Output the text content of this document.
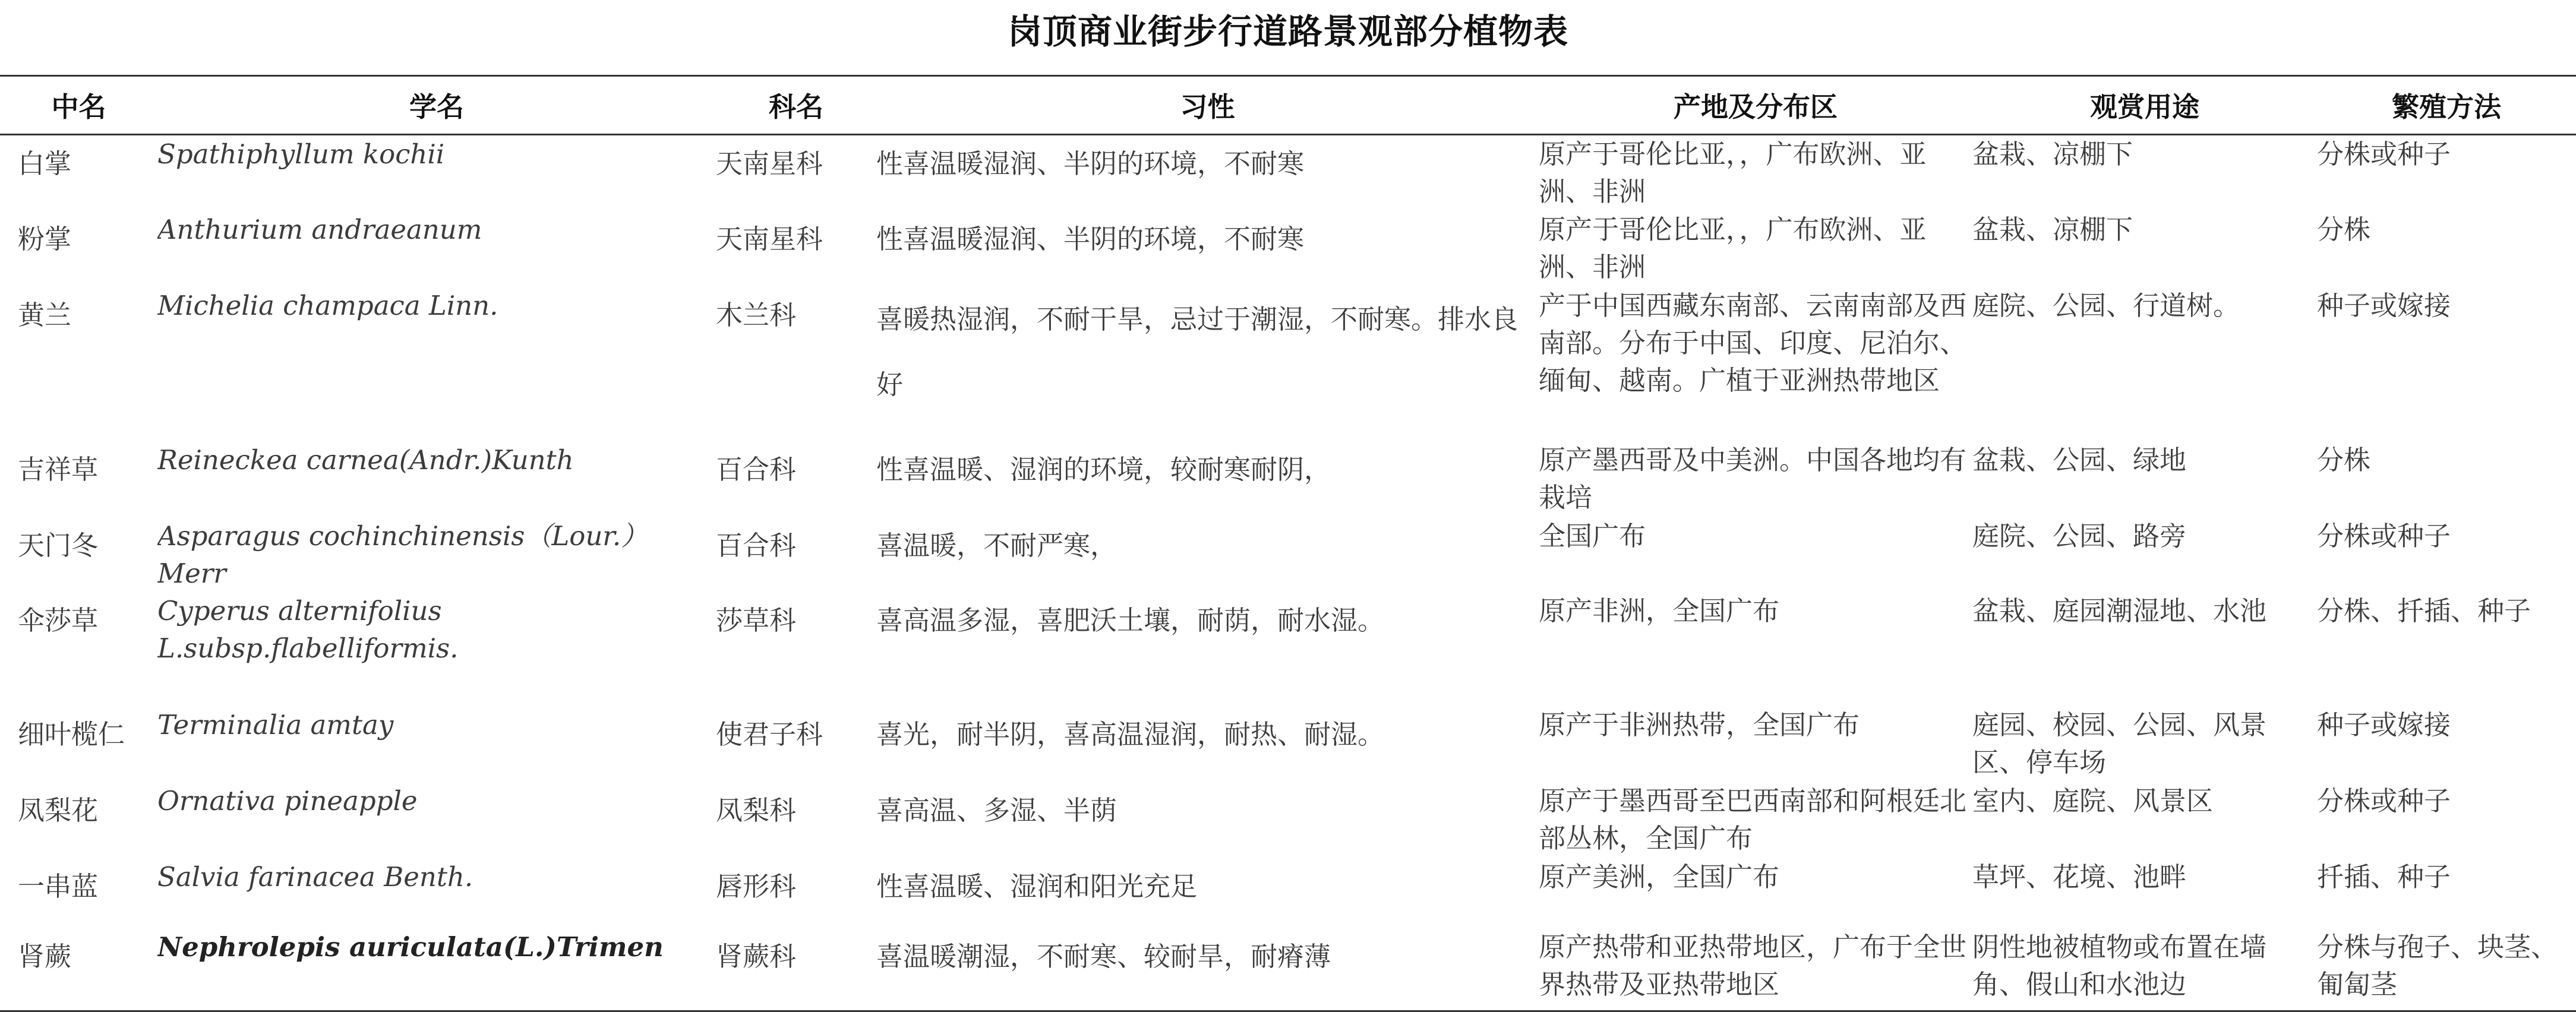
岗顶商业街步行道路景观部分植物表
中名	学名	科名	习性	产地及分布区	观赏用途	繁殖方法
白掌	Spathiphyllum kochii	天南星科	性喜温暖湿润、半阴的环境，不耐寒	原产于哥伦比亚，，广布欧洲、亚洲、非洲	盆栽、凉棚下	分株或种子
粉掌	Anthurium andraeanum	天南星科	性喜温暖湿润、半阴的环境，不耐寒	原产于哥伦比亚，，广布欧洲、亚洲、非洲	盆栽、凉棚下	分株
黄兰	Michelia champaca Linn.	木兰科	喜暖热湿润，不耐干旱，忌过于潮湿，不耐寒。排水良好	产于中国西藏东南部、云南南部及西南部。分布于中国、印度、尼泊尔、缅甸、越南。广植于亚洲热带地区	庭院、公园、行道树。	种子或嫁接
吉祥草	Reineckea carnea(Andr.)Kunth	百合科	性喜温暖、湿润的环境，较耐寒耐阴，	原产墨西哥及中美洲。中国各地均有栽培	盆栽、公园、绿地	分株
天门冬	Asparagus cochinchinensis（Lour.）Merr	百合科	喜温暖，不耐严寒，	全国广布	庭院、公园、路旁	分株或种子
伞莎草	Cyperus alternifolius L.subsp.flabelliformis.	莎草科	喜高温多湿，喜肥沃土壤，耐荫，耐水湿。	原产非洲，全国广布	盆栽、庭园潮湿地、水池	分株、扦插、种子
细叶榄仁	Terminalia amtay	使君子科	喜光，耐半阴，喜高温湿润，耐热、耐湿。	原产于非洲热带，全国广布	庭园、校园、公园、风景区、停车场	种子或嫁接
凤梨花	Ornativa pineapple	凤梨科	喜高温、多湿、半荫	原产于墨西哥至巴西南部和阿根廷北部丛林，全国广布	室内、庭院、风景区	分株或种子
一串蓝	Salvia farinacea Benth.	唇形科	性喜温暖、湿润和阳光充足	原产美洲，全国广布	草坪、花境、池畔	扦插、种子
肾蕨	Nephrolepis auriculata(L.)Trimen	肾蕨科	喜温暖潮湿，不耐寒、较耐旱，耐瘠薄	原产热带和亚热带地区，广布于全世界热带及亚热带地区	阴性地被植物或布置在墙角、假山和水池边	分株与孢子、块茎、匍匐茎
